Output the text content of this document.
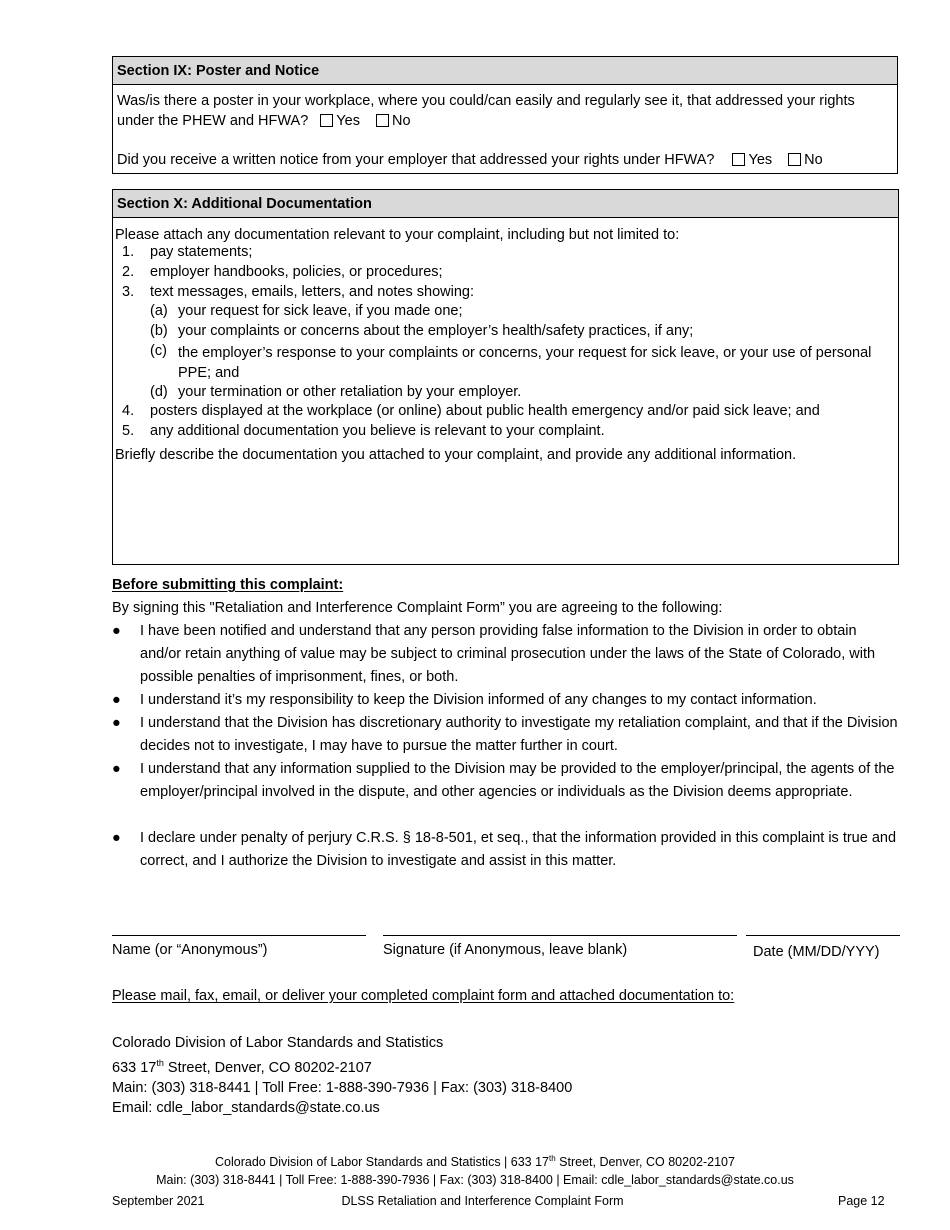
Section IX: Poster and Notice
Was/is there a poster in your workplace, where you could/can easily and regularly see it, that addressed your rights under the PHEW and HFWA? Yes No
Did you receive a written notice from your employer that addressed your rights under HFWA? Yes No
Section X: Additional Documentation
Please attach any documentation relevant to your complaint, including but not limited to:
1. pay statements;
2. employer handbooks, policies, or procedures;
3. text messages, emails, letters, and notes showing:
(a) your request for sick leave, if you made one;
(b) your complaints or concerns about the employer’s health/safety practices, if any;
(c) the employer’s response to your complaints or concerns, your request for sick leave, or your use of personal PPE; and
(d) your termination or other retaliation by your employer.
4. posters displayed at the workplace (or online) about public health emergency and/or paid sick leave; and
5. any additional documentation you believe is relevant to your complaint.
Briefly describe the documentation you attached to your complaint, and provide any additional information.
Before submitting this complaint:
By signing this "Retaliation and Interference Complaint Form” you are agreeing to the following:
● I have been notified and understand that any person providing false information to the Division in order to obtain and/or retain anything of value may be subject to criminal prosecution under the laws of the State of Colorado, with possible penalties of imprisonment, fines, or both.
● I understand it’s my responsibility to keep the Division informed of any changes to my contact information.
● I understand that the Division has discretionary authority to investigate my retaliation complaint, and that if the Division decides not to investigate, I may have to pursue the matter further in court.
● I understand that any information supplied to the Division may be provided to the employer/principal, the agents of the employer/principal involved in the dispute, and other agencies or individuals as the Division deems appropriate.
● I declare under penalty of perjury C.R.S. § 18-8-501, et seq., that the information provided in this complaint is true and correct, and I authorize the Division to investigate and assist in this matter.
Name (or “Anonymous”)	Signature (if Anonymous, leave blank)	Date (MM/DD/YYY)
Please mail, fax, email, or deliver your completed complaint form and attached documentation to:
Colorado Division of Labor Standards and Statistics
633 17th Street, Denver, CO 80202-2107
Main: (303) 318-8441 | Toll Free: 1-888-390-7936 | Fax: (303) 318-8400
Email: cdle_labor_standards@state.co.us
Colorado Division of Labor Standards and Statistics | 633 17th Street, Denver, CO 80202-2107
Main: (303) 318-8441 | Toll Free: 1-888-390-7936 | Fax: (303) 318-8400 | Email: cdle_labor_standards@state.co.us
September 2021	DLSS Retaliation and Interference Complaint Form	Page 12
